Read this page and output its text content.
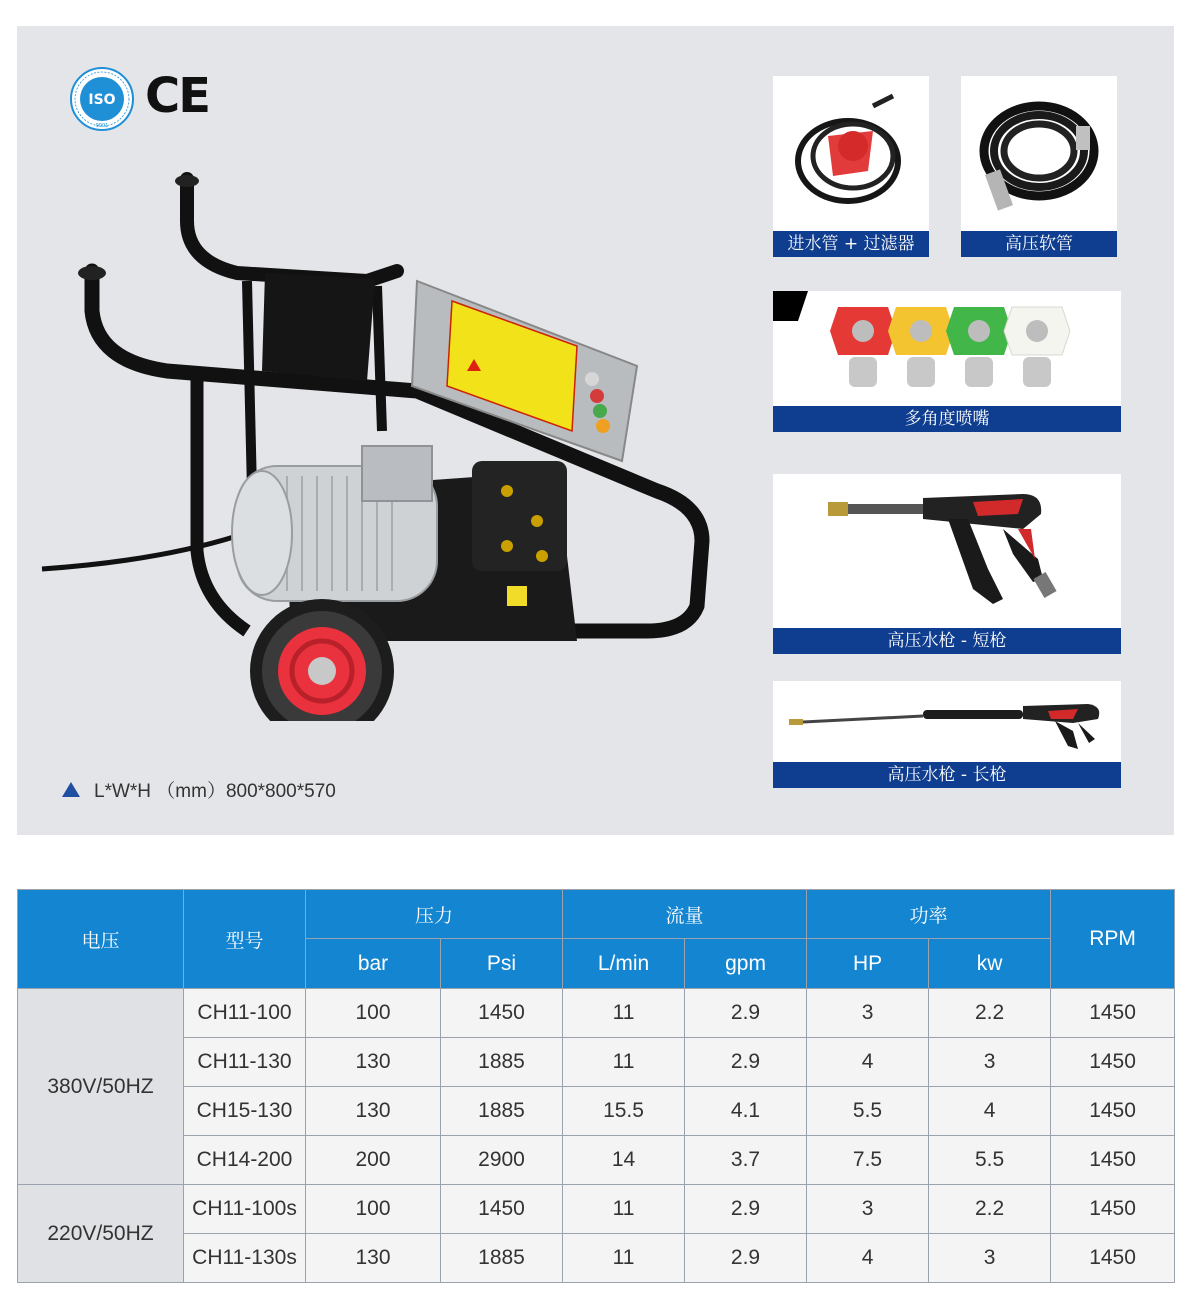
ISO
9001
CE
L*W*H （mm）800*800*570
进水管 + 过滤器	高压软管
多角度喷嘴
高压水枪 - 短枪
高压水枪 - 长枪
电压	型号	压力		流量		功率		RPM
		bar	Psi	L/min	gpm	HP	kw	
380V/50HZ	CH11-100	100	1450	11	2.9	3	2.2	1450
	CH11-130	130	1885	11	2.9	4	3	1450
	CH15-130	130	1885	15.5	4.1	5.5	4	1450
	CH14-200	200	2900	14	3.7	7.5	5.5	1450
220V/50HZ	CH11-100s	100	1450	11	2.9	3	2.2	1450
	CH11-130s	130	1885	11	2.9	4	3	1450
